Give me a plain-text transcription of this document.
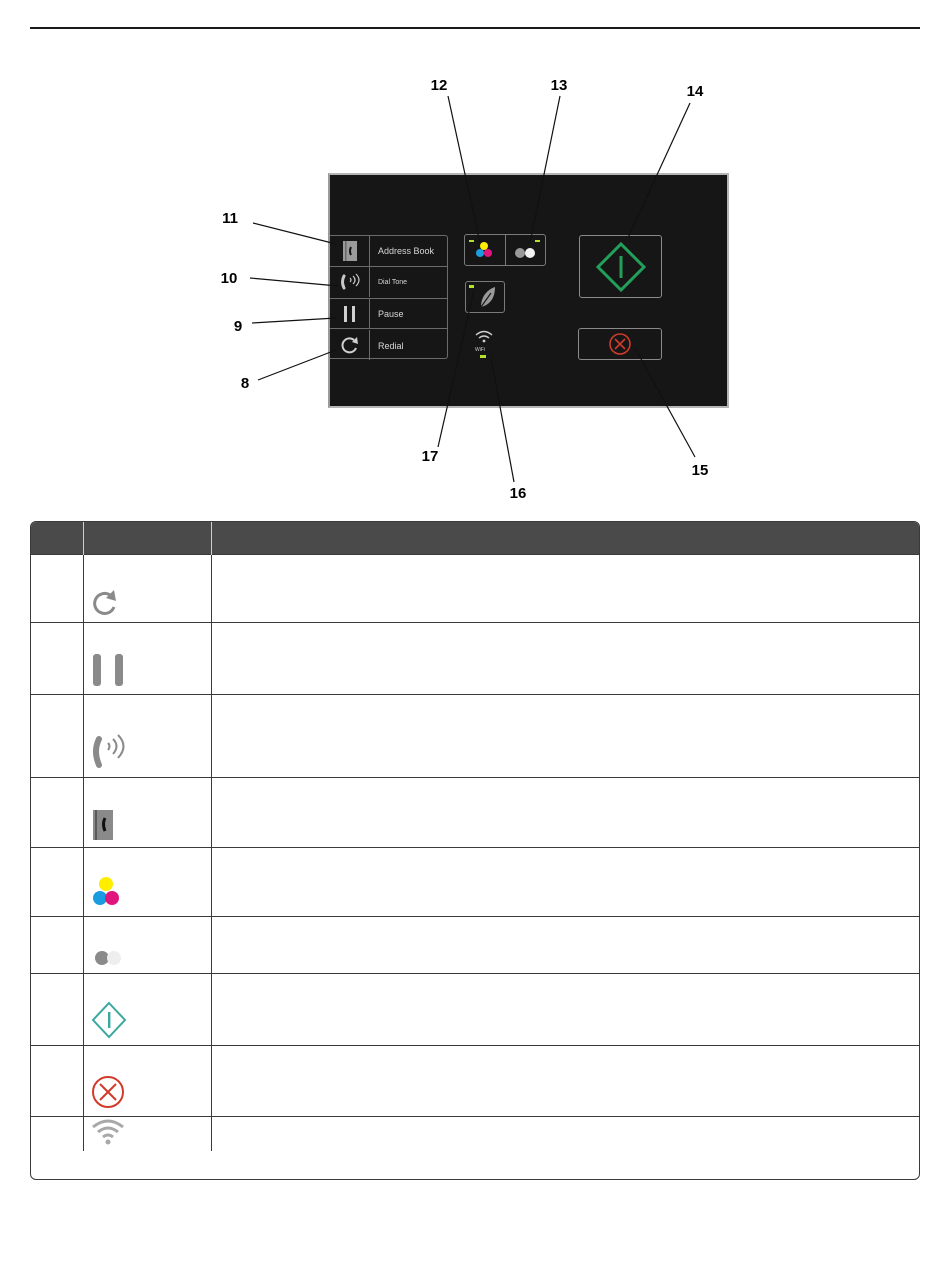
Address Book
Dial Tone
Pause
Redial	WiFi
8
9
10
11
12	13	14
15
16
17
